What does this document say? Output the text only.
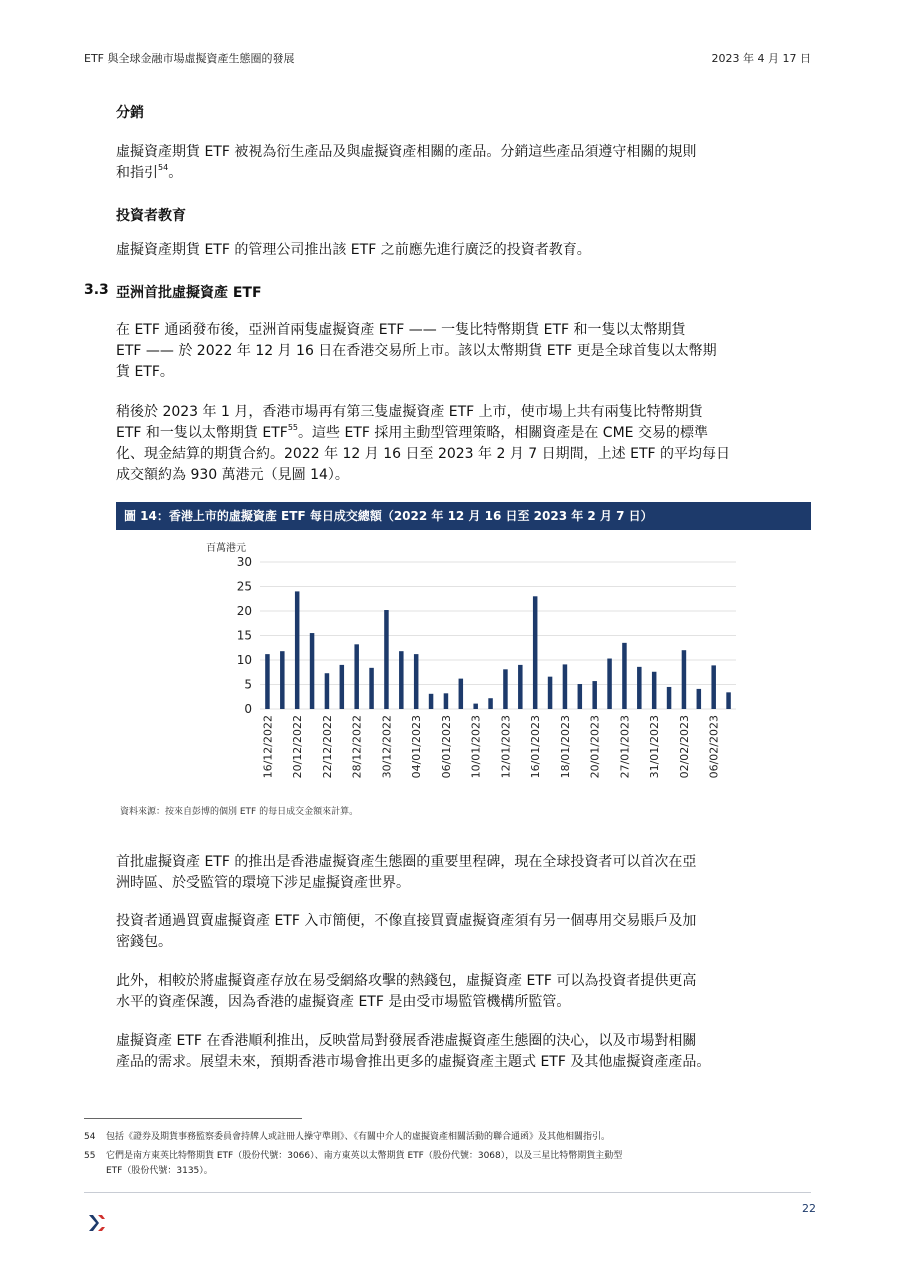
ETF 與全球金融市場虛擬資產生態圈的發展	2023 年 4 月 17 日
分銷

虛擬資產期貨 ETF 被視為衍生產品及與虛擬資產相關的產品。分銷這些產品須遵守相關的規則

和指引$^{54}$。

投資者教育
虛擬資產期貨 ETF 的管理公司推出該 ETF 之前應先進行廣泛的投資者教育。
3.3 亞洲首批虛擬資產 ETF

在 ETF 通函發布後，亞洲首兩隻虛擬資產 ETF —— 一隻比特幣期貨 ETF 和一隻以太幣期貨

ETF —— 於 2022 年 12 月 16 日在香港交易所上市。該以太幣期貨 ETF 更是全球首隻以太幣期

貨 ETF。

稍後於 2023 年 1 月，香港市場再有第三隻虛擬資產 ETF 上市，使市場上共有兩隻比特幣期貨

ETF 和一隻以太幣期貨 ETF$^{55}$。這些 ETF 採用主動型管理策略，相關資產是在 CME 交易的標準

化、現金結算的期貨合約。2022 年 12 月 16 日至 2023 年 2 月 7 日期間，上述 ETF 的平均每日

成交額約為 930 萬港元（見圖 14）。

圖 14：香港上市的虛擬資產 ETF 每日成交總額（2022 年 12 月 16 日至 2023 年 2 月 7 日）
0
5
10
15
20
25
30
16/12/2022 20/12/2022 22/12/2022 28/12/2022 30/12/2022 04/01/2023 06/01/2023 10/01/2023 12/01/2023 16/01/2023 18/01/2023 20/01/2023 27/01/2023 31/01/2023 02/02/2023 06/02/2023
百萬港元
資料來源：按來自彭博的個別 ETF 的每日成交金額來計算。

首批虛擬資產 ETF 的推出是香港虛擬資產生態圈的重要里程碑，現在全球投資者可以首次在亞

洲時區、於受監管的環境下涉足虛擬資產世界。

投資者通過買賣虛擬資產 ETF 入市簡便，不像直接買賣虛擬資產須有另一個專用交易賬戶及加

密錢包。

此外，相較於將虛擬資產存放在易受網絡攻擊的熱錢包，虛擬資產 ETF 可以為投資者提供更高

水平的資產保護，因為香港的虛擬資產 ETF 是由受市場監管機構所監管。

虛擬資產 ETF 在香港順利推出，反映當局對發展香港虛擬資產生態圈的決心，以及市場對相關

產品的需求。展望未來，預期香港市場會推出更多的虛擬資產主題式 ETF 及其他虛擬資產產品。

54 包括《證券及期貨事務監察委員會持牌人或註冊人操守準則》、《有關中介人的虛擬資產相關活動的聯合通函》及其他相關指引。
55 它們是南方東英比特幣期貨 ETF（股份代號：3066）、南方東英以太幣期貨 ETF（股份代號：3068），以及三星比特幣期貨主動型
ETF（股份代號：3135）。
22
